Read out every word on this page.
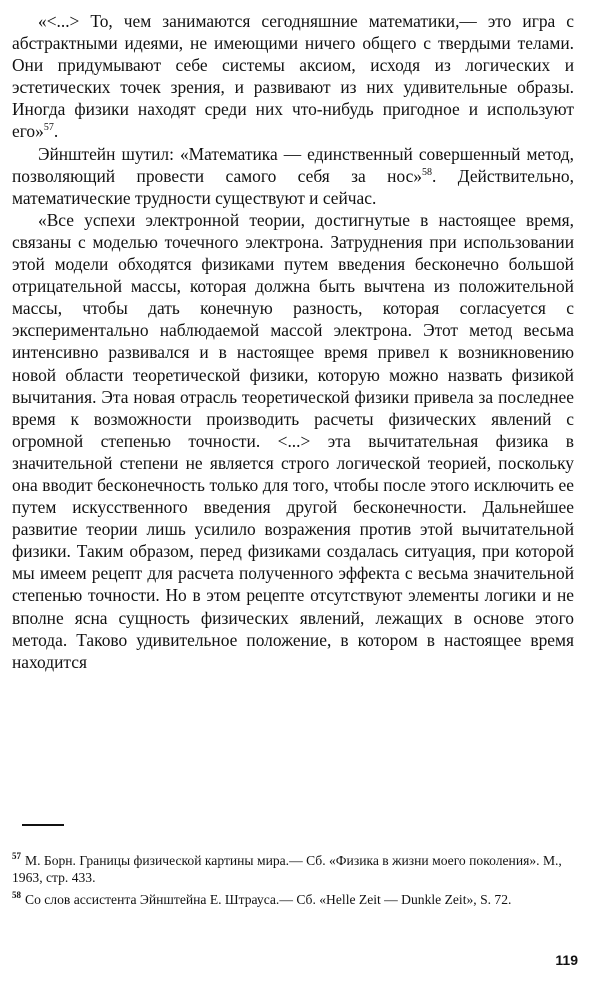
«<...> То, чем занимаются сегодняшние математики,— это игра с абстрактными идеями, не имеющими ничего общего с твердыми телами. Они придумывают себе системы аксиом, исходя из логических и эстетических точек зрения, и развивают из них удивительные образы. Иногда физики находят среди них что-нибудь пригодное и используют его»$^{57}$.

Эйнштейн шутил: «Математика — единственный совершенный метод, позволяющий провести самого себя за нос»$^{58}$. Действительно, математические трудности существуют и сейчас.

«Все успехи электронной теории, достигнутые в настоящее время, связаны с моделью точечного электрона. Затруднения при использовании этой модели обходятся физиками путем введения бесконечно большой отрицательной массы, которая должна быть вычтена из положительной массы, чтобы дать конечную разность, которая согласуется с экспериментально наблюдаемой массой электрона. Этот метод весьма интенсивно развивался и в настоящее время привел к возникновению новой области теоретической физики, которую можно назвать физикой вычитания. Эта новая отрасль теоретической физики привела за последнее время к возможности производить расчеты физических явлений с огромной степенью точности. <...> эта вычитательная физика в значительной степени не является строго логической теорией, поскольку она вводит бесконечность только для того, чтобы после этого исключить ее путем искусственного введения другой бесконечности. Дальнейшее развитие теории лишь усилило возражения против этой вычитательной физики. Таким образом, перед физиками создалась ситуация, при которой мы имеем рецепт для расчета полученного эффекта с весьма значительной степенью точности. Но в этом рецепте отсутствуют элементы логики и не вполне ясна сущность физических явлений, лежащих в основе этого метода. Таково удивительное положение, в котором в настоящее время находится

$^{57}$ М. Борн. Границы физической картины мира.— Сб. «Физика в жизни моего поколения». М., 1963, стр. 433.

$^{58}$ Со слов ассистента Эйнштейна Е. Штрауса.— Сб. «Helle Zeit — Dunkle Zeit», S. 72.

119
